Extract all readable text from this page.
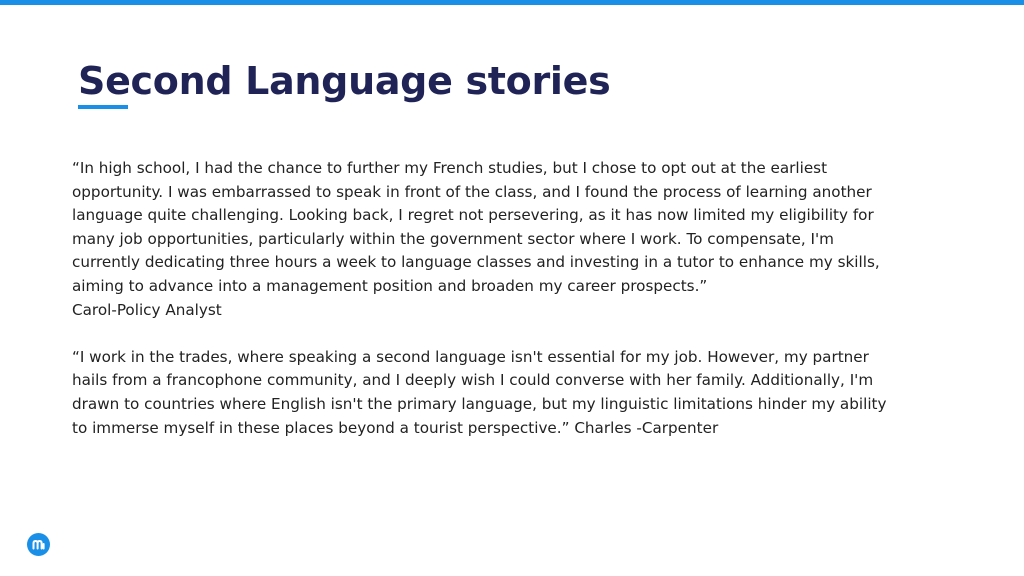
Second Language stories

“In high school, I had the chance to further my French studies, but I chose to opt out at the earliest opportunity. I was embarrassed to speak in front of the class, and I found the process of learning another language quite challenging. Looking back, I regret not persevering, as it has now limited my eligibility for many job opportunities, particularly within the government sector where I work. To compensate, I'm currently dedicating three hours a week to language classes and investing in a tutor to enhance my skills, aiming to advance into a management position and broaden my career prospects.”
Carol-Policy Analyst

“I work in the trades, where speaking a second language isn't essential for my job. However, my partner hails from a francophone community, and I deeply wish I could converse with her family. Additionally, I'm drawn to countries where English isn't the primary language, but my linguistic limitations hinder my ability to immerse myself in these places beyond a tourist perspective.” Charles -Carpenter
